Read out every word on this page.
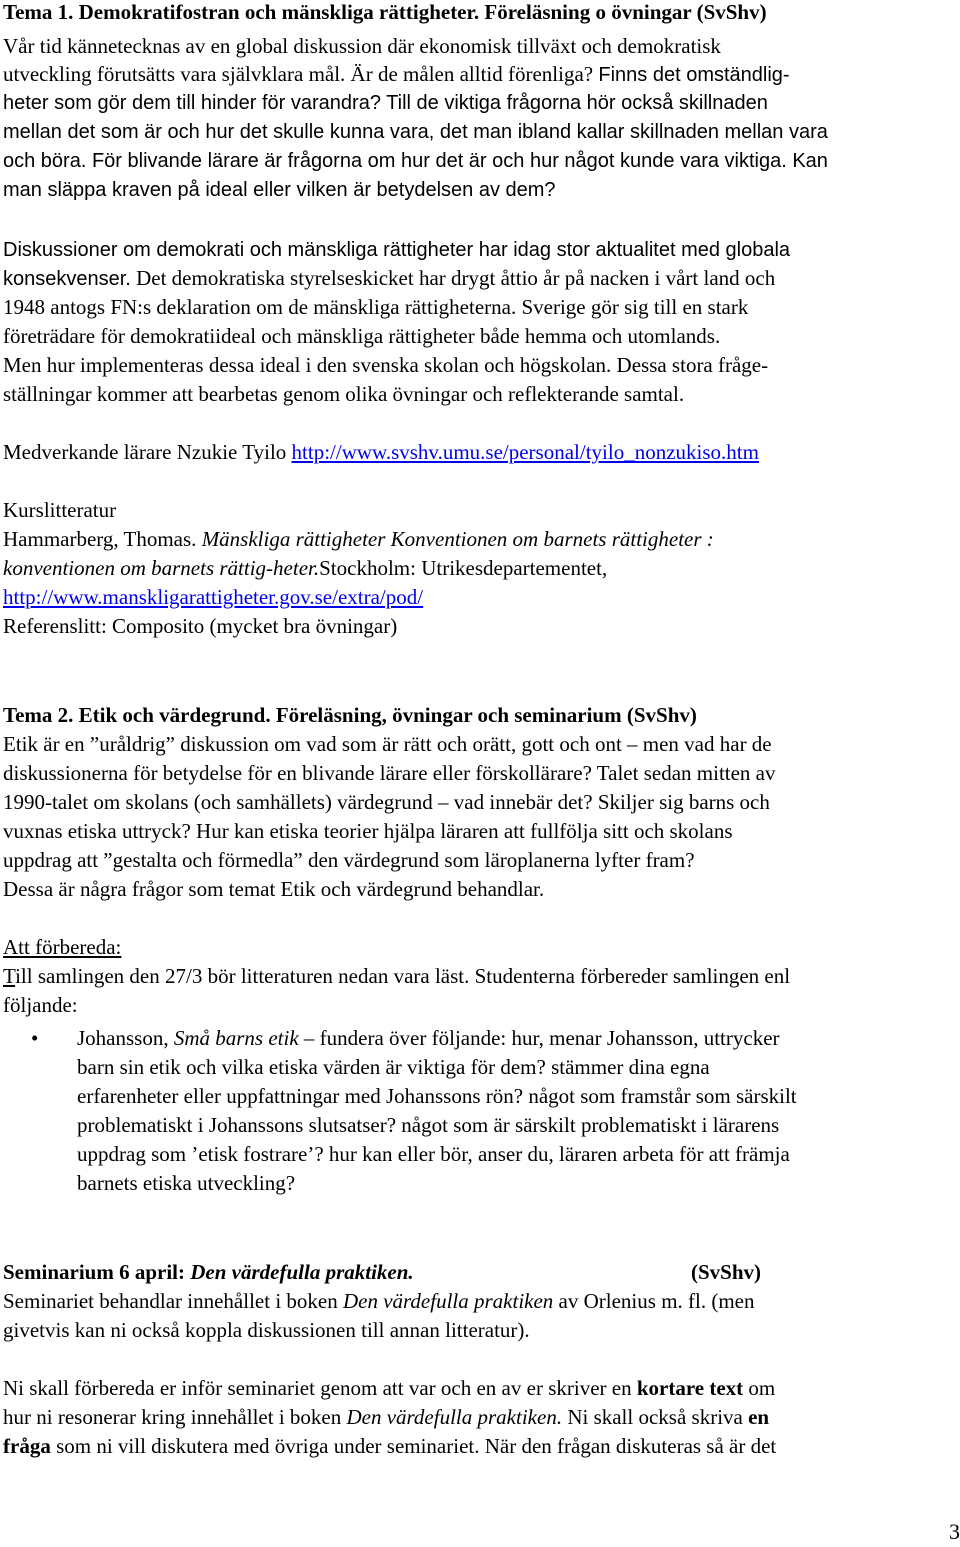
Tema 1. Demokratifostran och mänskliga rättigheter. Föreläsning o övningar (SvShv)
Vår tid kännetecknas av en global diskussion där ekonomisk tillväxt och demokratisk
utveckling förutsätts vara självklara mål. Är de målen alltid förenliga? Finns det omständlig-
heter som gör dem till hinder för varandra? Till de viktiga frågorna hör också skillnaden
mellan det som är och hur det skulle kunna vara, det man ibland kallar skillnaden mellan vara
och böra. För blivande lärare är frågorna om hur det är och hur något kunde vara viktiga. Kan
man släppa kraven på ideal eller vilken är betydelsen av dem?
Diskussioner om demokrati och mänskliga rättigheter har idag stor aktualitet med globala
konsekvenser. Det demokratiska styrelseskicket har drygt åttio år på nacken i vårt land och
1948 antogs FN:s deklaration om de mänskliga rättigheterna. Sverige gör sig till en stark
företrädare för demokratiideal och mänskliga rättigheter både hemma och utomlands.
Men hur implementeras dessa ideal i den svenska skolan och högskolan. Dessa stora fråge-
ställningar kommer att bearbetas genom olika övningar och reflekterande samtal.
Medverkande lärare Nzukie Tyilo http://www.svshv.umu.se/personal/tyilo_nonzukiso.htm
Kurslitteratur
Hammarberg, Thomas. Mänskliga rättigheter Konventionen om barnets rättigheter :
konventionen om barnets rättig-heter.Stockholm: Utrikesdepartementet,
http://www.manskligarattigheter.gov.se/extra/pod/
Referenslitt: Composito (mycket bra övningar)
Tema 2. Etik och värdegrund. Föreläsning, övningar och seminarium (SvShv)
Etik är en ”uråldrig” diskussion om vad som är rätt och orätt, gott och ont – men vad har de
diskussionerna för betydelse för en blivande lärare eller förskollärare? Talet sedan mitten av
1990-talet om skolans (och samhällets) värdegrund – vad innebär det? Skiljer sig barns och
vuxnas etiska uttryck? Hur kan etiska teorier hjälpa läraren att fullfölja sitt och skolans
uppdrag att ”gestalta och förmedla” den värdegrund som läroplanerna lyfter fram?
Dessa är några frågor som temat Etik och värdegrund behandlar.
Att förbereda:
Till samlingen den 27/3 bör litteraturen nedan vara läst. Studenterna förbereder samlingen enl
följande:
• Johansson, Små barns etik – fundera över följande: hur, menar Johansson, uttrycker
barn sin etik och vilka etiska värden är viktiga för dem? stämmer dina egna
erfarenheter eller uppfattningar med Johanssons rön? något som framstår som särskilt
problematiskt i Johanssons slutsatser? något som är särskilt problematiskt i lärarens
uppdrag som ’etisk fostrare’? hur kan eller bör, anser du, läraren arbeta för att främja
barnets etiska utveckling?
Seminarium 6 april: Den värdefulla praktiken.	(SvShv)
Seminariet behandlar innehållet i boken Den värdefulla praktiken av Orlenius m. fl. (men
givetvis kan ni också koppla diskussionen till annan litteratur).
Ni skall förbereda er inför seminariet genom att var och en av er skriver en kortare text om
hur ni resonerar kring innehållet i boken Den värdefulla praktiken. Ni skall också skriva en
fråga som ni vill diskutera med övriga under seminariet. När den frågan diskuteras så är det
3
